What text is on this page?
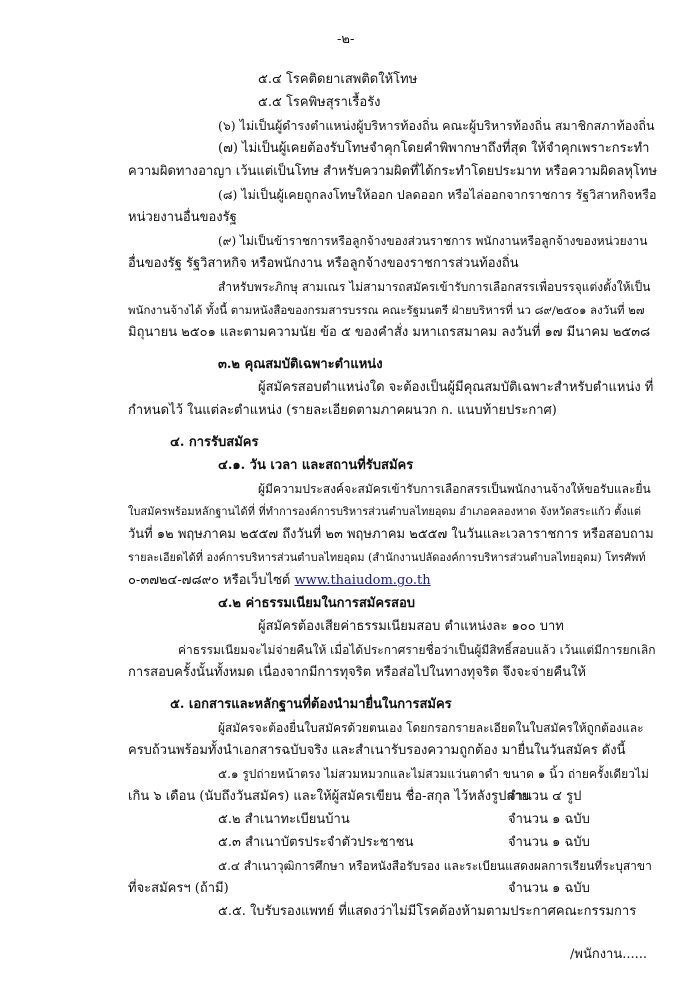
-๒-
๕.๔ โรคติดยาเสพติดให้โทษ
๕.๕ โรคพิษสุราเรื้อรัง
(๖) ไม่เป็นผู้ดำรงตำแหน่งผู้บริหารท้องถิ่น คณะผู้บริหารท้องถิ่น สมาชิกสภาท้องถิ่น
(๗) ไม่เป็นผู้เคยต้องรับโทษจำคุกโดยคำพิพากษาถึงที่สุด ให้จำคุกเพราะกระทำ
ความผิดทางอาญา เว้นแต่เป็นโทษ สำหรับความผิดที่ได้กระทำโดยประมาท หรือความผิดลหุโทษ
(๘) ไม่เป็นผู้เคยถูกลงโทษให้ออก ปลดออก หรือไล่ออกจากราชการ รัฐวิสาหกิจหรือ
หน่วยงานอื่นของรัฐ
(๙) ไม่เป็นข้าราชการหรือลูกจ้างของส่วนราชการ พนักงานหรือลูกจ้างของหน่วยงาน
อื่นของรัฐ รัฐวิสาหกิจ หรือพนักงาน หรือลูกจ้างของราชการส่วนท้องถิ่น
สำหรับพระภิกษุ สามเณร ไม่สามารถสมัครเข้ารับการเลือกสรรเพื่อบรรจุแต่งตั้งให้เป็น
พนักงานจ้างได้ ทั้งนี้ ตามหนังสือของกรมสารบรรณ คณะรัฐมนตรี ฝ่ายบริหารที่ นว ๘๙/๒๕๐๑ ลงวันที่ ๒๗
มิถุนายน ๒๕๐๑ และตามความนัย ข้อ ๕ ของคำสั่ง มหาเถรสมาคม ลงวันที่ ๑๗ มีนาคม ๒๕๓๘
๓.๒ คุณสมบัติเฉพาะตำแหน่ง
ผู้สมัครสอบตำแหน่งใด จะต้องเป็นผู้มีคุณสมบัติเฉพาะสำหรับตำแหน่ง ที่
กำหนดไว้ ในแต่ละตำแหน่ง (รายละเอียดตามภาคผนวก ก. แนบท้ายประกาศ)
๔. การรับสมัคร
๔.๑. วัน เวลา และสถานที่รับสมัคร
ผู้มีความประสงค์จะสมัครเข้ารับการเลือกสรรเป็นพนักงานจ้างให้ขอรับและยื่น
ใบสมัครพร้อมหลักฐานได้ที่ ที่ทำการองค์การบริหารส่วนตำบลไทยอุดม อำเภอคลองหาด จังหวัดสระแก้ว ตั้งแต่
วันที่ ๑๒ พฤษภาคม ๒๕๕๗ ถึงวันที่ ๒๓ พฤษภาคม ๒๕๕๗ ในวันและเวลาราชการ หรือสอบถาม
รายละเอียดได้ที่ องค์การบริหารส่วนตำบลไทยอุดม (สำนักงานปลัดองค์การบริหารส่วนตำบลไทยอุดม) โทรศัพท์
๐-๓๗๒๔-๗๘๙๐ หรือเว็บไซต์ www.thaiudom.go.th
๔.๒ ค่าธรรมเนียมในการสมัครสอบ
ผู้สมัครต้องเสียค่าธรรมเนียมสอบ ตำแหน่งละ ๑๐๐ บาท
ค่าธรรมเนียมจะไม่จ่ายคืนให้ เมื่อได้ประกาศรายชื่อว่าเป็นผู้มีสิทธิ์สอบแล้ว เว้นแต่มีการยกเลิก
การสอบครั้งนั้นทั้งหมด เนื่องจากมีการทุจริต หรือส่อไปในทางทุจริต จึงจะจ่ายคืนให้
๕. เอกสารและหลักฐานที่ต้องนำมายื่นในการสมัคร
ผู้สมัครจะต้องยื่นใบสมัครด้วยตนเอง โดยกรอกรายละเอียดในใบสมัครให้ถูกต้องและ
ครบถ้วนพร้อมทั้งนำเอกสารฉบับจริง และสำเนารับรองความถูกต้อง มายื่นในวันสมัคร ดังนี้
๕.๑ รูปถ่ายหน้าตรง ไม่สวมหมวกและไม่สวมแว่นตาดำ ขนาด ๑ นิ้ว ถ่ายครั้งเดียวไม่
เกิน ๖ เดือน (นับถึงวันสมัคร) และให้ผู้สมัครเขียน ชื่อ-สกุล ไว้หลังรูปถ่าย
จำนวน ๔ รูป
๕.๒ สำเนาทะเบียนบ้าน	จำนวน ๑ ฉบับ
๕.๓ สำเนาบัตรประจำตัวประชาชน	จำนวน ๑ ฉบับ
๕.๔ สำเนาวุฒิการศึกษา หรือหนังสือรับรอง และระเบียนแสดงผลการเรียนที่ระบุสาขา
ที่จะสมัครฯ (ถ้ามี)	จำนวน ๑ ฉบับ
๕.๕. ใบรับรองแพทย์ ที่แสดงว่าไม่มีโรคต้องห้ามตามประกาศคณะกรรมการ
/พนักงาน......
